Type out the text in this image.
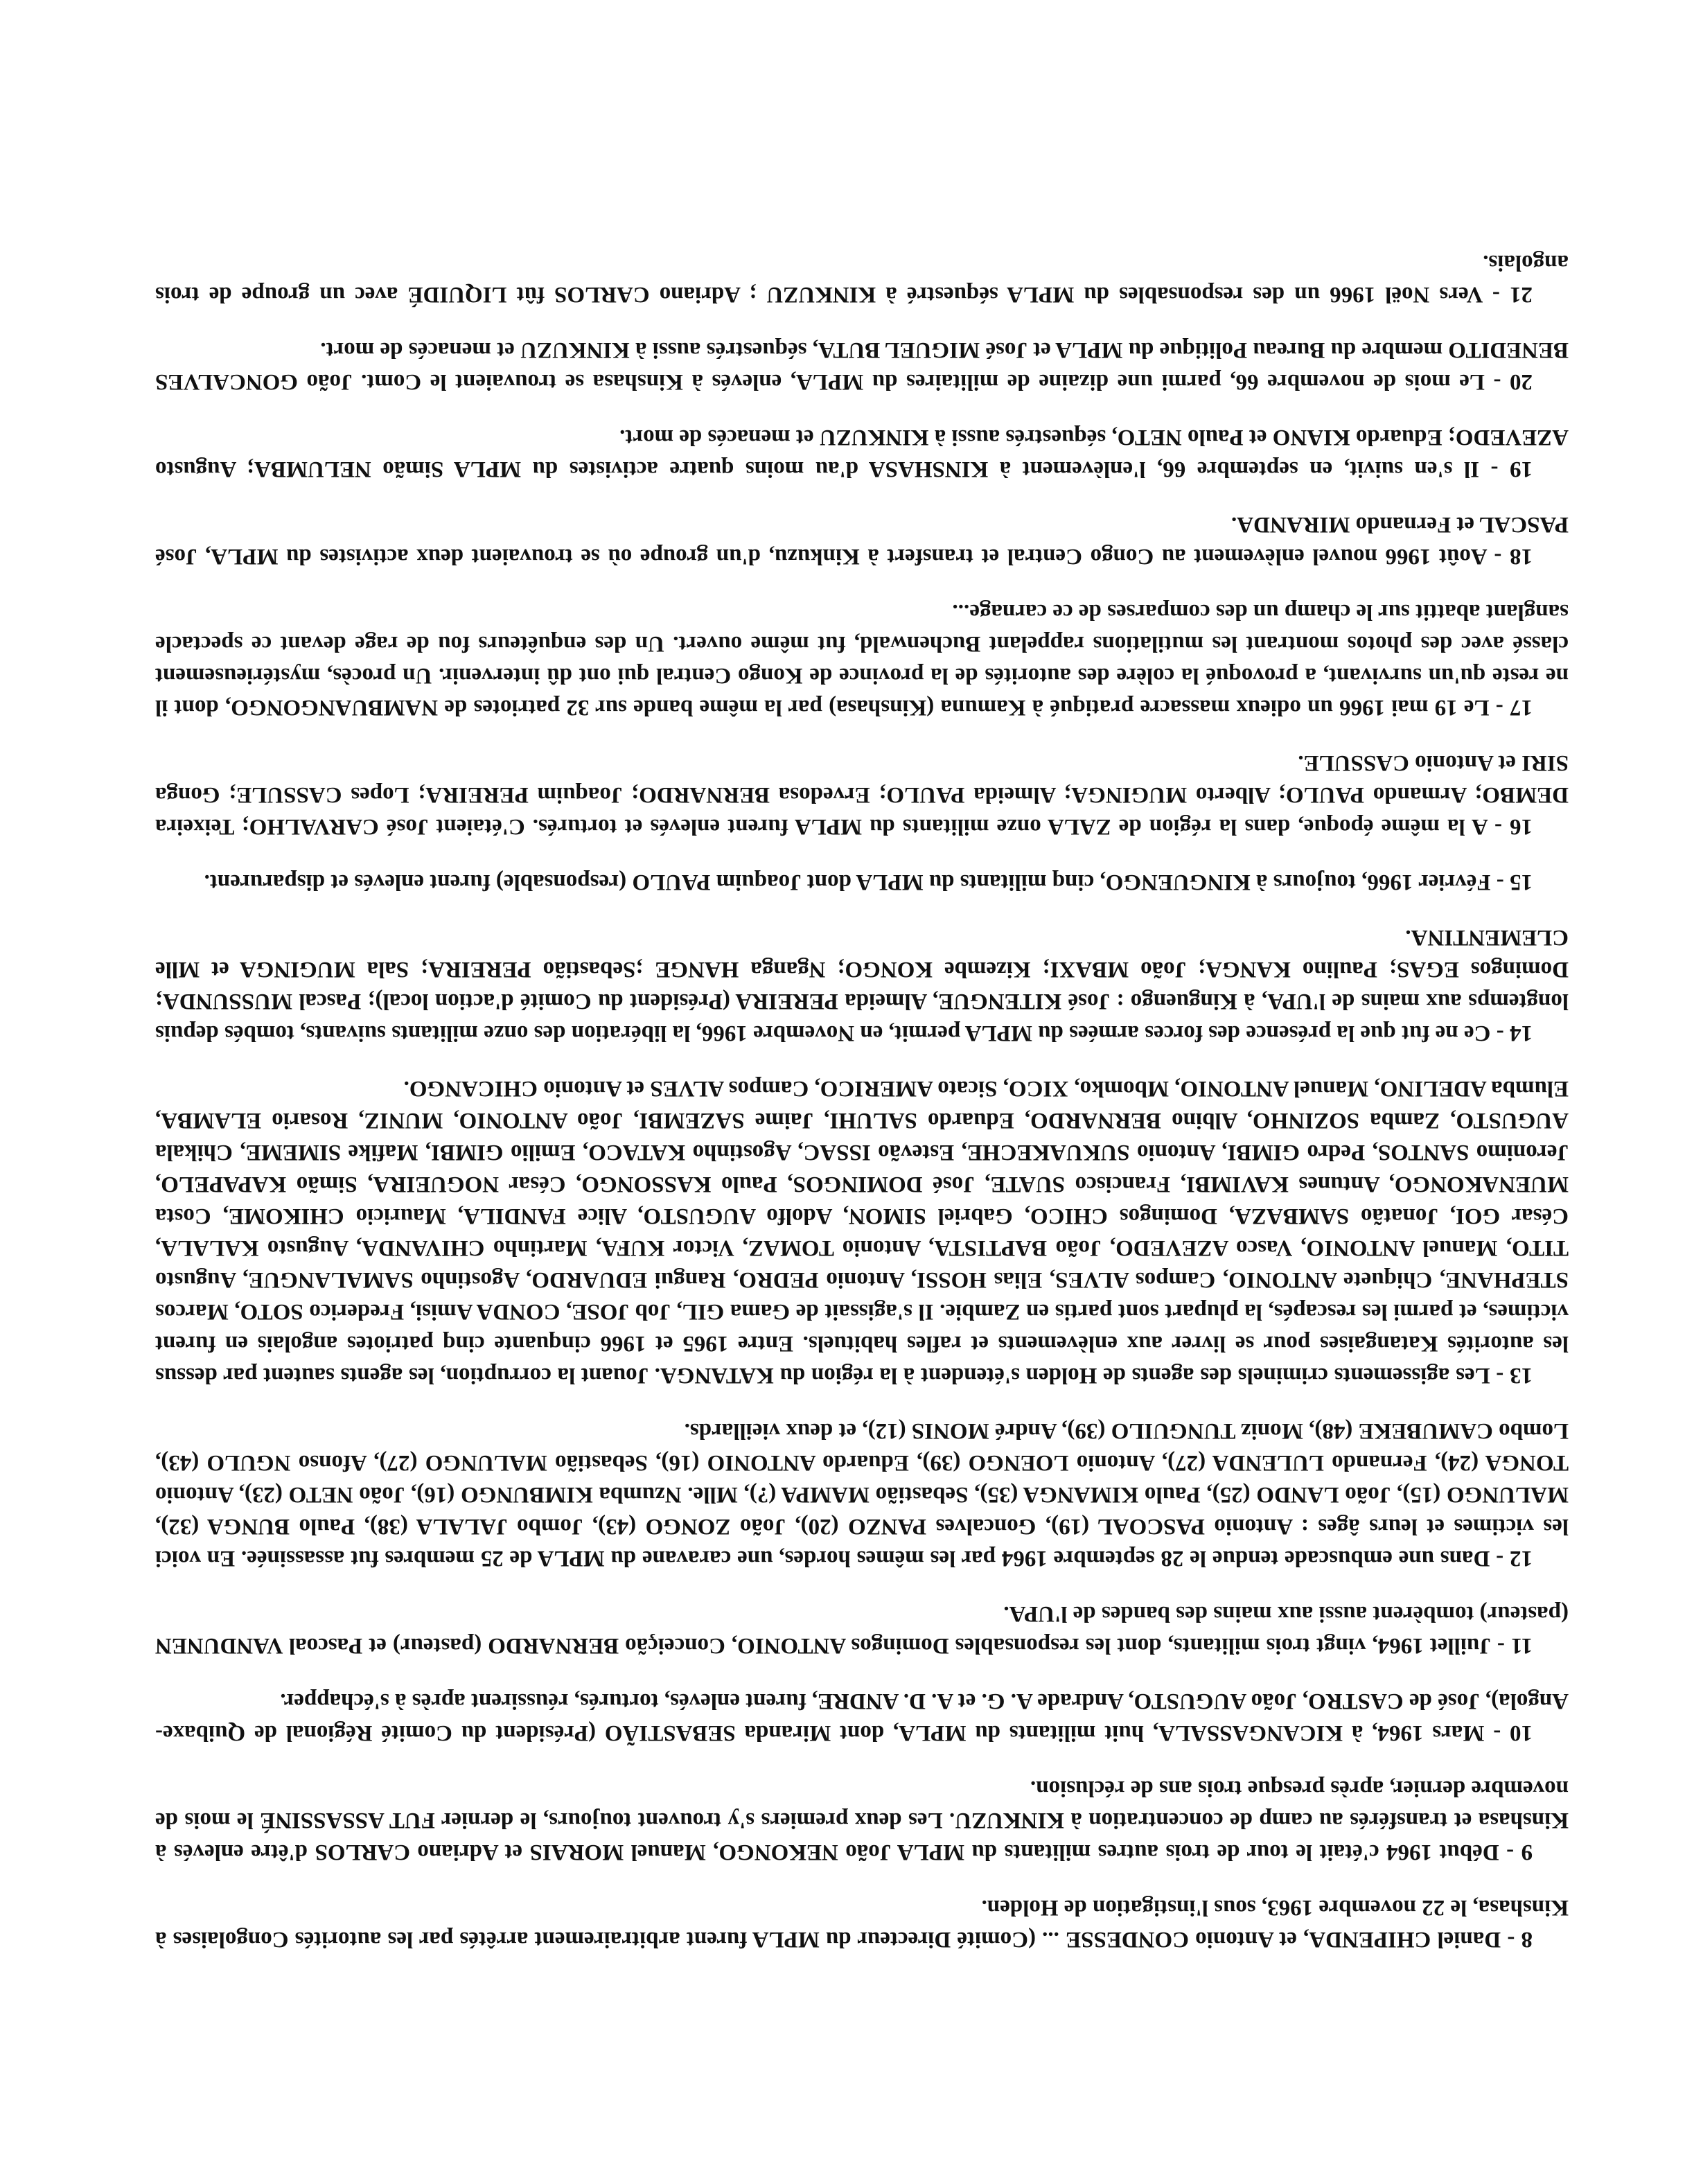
8 - Daniel CHIPENDA, et Antonio CONDESSE ... (Comité Directeur du MPLA furent arbitrairement arrêtés par les autorités Congolaises à Kinshasa, le 22 novembre 1963, sous l'instigation de Holden.

9 - Début 1964 c'était le tour de trois autres militants du MPLA João NEKONGO, Manuel MORAIS et Adriano CARLOS d'être enlevés à Kinshasa et transférés au camp de concentration à KINKUZU. Les deux premiers s'y trouvent toujours, le dernier FUT ASSASSINÉ le mois de novembre dernier, après presque trois ans de réclusion.

10 - Mars 1964, à KICANGASSALA, huit militants du MPLA, dont Miranda SEBASTIÃO (Président du Comité Régional de Quibaxe-Angola), José de CASTRO, João AUGUSTO, Andrade A. G. et A. D. ANDRE, furent enlevés, torturés, réussirent après à s'échapper.

11 - Juillet 1964, vingt trois militants, dont les responsables Domingos ANTONIO, Conceição BERNARDO (pasteur) et Pascoal VANDUNEN (pasteur) tombèrent aussi aux mains des bandes de l'UPA.

12 - Dans une embuscade tendue le 28 septembre 1964 par les mêmes hordes, une caravane du MPLA de 25 membres fut assassinée. En voici les victimes et leurs âges : Antonio PASCOAL (19), Goncalves PANZO (20), João ZONGO (43), Jombo JALALA (38), Paulo BUNGA (32), MALUNGO (15), João LANDO (25), Paulo KIMANGA (35), Sebastião MAMPA (?), Mlle. Nzumba KIMBUNGO (16), João NETO (23), Antonio TONGA (24), Fernando LULENDA (27), Antonio LOENGO (39), Eduardo ANTONIO (16), Sebastião MALUNGO (27), Afonso NGULO (43), Lombo CAMUBEKE (48), Moniz TUNGUILO (39), André MONIS (12), et deux vieillards.

13 - Les agissements criminels des agents de Holden s'étendent à la région du KATANGA. Jouant la corruption, les agents sautent par dessus les autorités Katangaises pour se livrer aux enlèvements et rafles habituels. Entre 1965 et 1966 cinquante cinq patriotes angolais en furent victimes, et parmi les rescapés, la plupart sont partis en Zambie. Il s'agissait de Gama GIL, Job JOSE, CONDA Amisi, Frederico SOTO, Marcos STEPHANE, Chiquete ANTONIO, Campos ALVES, Elias HOSSI, Antonio PEDRO, Rangui EDUARDO, Agostinho SAMALANGUE, Augusto TITO, Manuel ANTONIO, Vasco AZEVEDO, João BAPTISTA, Antonio TOMAZ, Victor KUFA, Martinho CHIVANDA, Augusto KALALA, César GOI, Jonatão SAMBAZA, Domingos CHICO, Gabriel SIMON, Adolfo AUGUSTO, Alice FANDILA, Mauricio CHIKOME, Costa MUENAKONGO, Antunes KAVIMBI, Francisco SUATE, José DOMINGOS, Paulo KASSONGO, César NOGUEIRA, Simão KAPAPELO, Jeronimo SANTOS, Pedro GIMBI, Antonio SUKUAKECHE, Estevão ISSAC, Agostinho KATACO, Emilio GIMBI, Mafike SIMEME, Chikala AUGUSTO, Zamba SOZINHO, Albino BERNARDO, Eduardo SALUHI, Jaime SAZEMBI, João ANTONIO, MUNIZ, Rosario ELAMBA, Elumba ADELINO, Manuel ANTONIO, Mbomko, XICO, Sicato AMERICO, Campos ALVES et Antonio CHICANGO.

14 - Ce ne fut que la présence des forces armées du MPLA permit, en Novembre 1966, la libération des onze militants suivants, tombés depuis longtemps aux mains de l'UPA, à Kinguengo : José KITENGUE, Almeida PEREIRA (Président du Comité d'action local); Pascal MUSSUNDA; Domingos EGAS; Paulino KANGA; João MBAXI; Kizembe KONGO; Nganga HANGE ;Sebastião PEREIRA; Sala MUGINGA et Mlle CLEMENTINA.

15 - Février 1966, toujours à KINGUENGO, cinq militants du MPLA dont Joaquim PAULO (responsable) furent enlevés et disparurent.

16 - A la même époque, dans la région de ZALA onze militants du MPLA furent enlevés et torturés. C'étaient José CARVALHO; Teixeira DEMBO; Armando PAULO; Alberto MUGINGA; Almeida PAULO; Ervedosa BERNARDO; Joaquim PEREIRA; Lopes CASSULE; Gonga SIRI et Antonio CASSULE.

17 - Le 19 mai 1966 un odieux massacre pratiqué à Kamuna (Kinshasa) par la même bande sur 32 patriotes de NAMBUANGONGO, dont il ne reste qu'un survivant, a provoqué la colère des autorités de la province de Kongo Central qui ont dû intervenir. Un procès, mystérieusement classé avec des photos montrant les mutilations rappelant Buchenwald, fut même ouvert. Un des enquêteurs fou de rage devant ce spectacle sanglant abattit sur le champ un des comparses de ce carnage...

18 - Août 1966 nouvel enlèvement au Congo Central et transfert à Kinkuzu, d'un groupe où se trouvaient deux activistes du MPLA, José PASCAL et Fernando MIRANDA.

19 - Il s'en suivit, en septembre 66, l'enlèvement à KINSHASA d'au moins quatre activistes du MPLA Simão NELUMBA; Augusto AZEVEDO; Eduardo KIANO et Paulo NETO, séquestrés aussi à KINKUZU et menacés de mort.

20 - Le mois de novembre 66, parmi une dizaine de militaires du MPLA, enlevés à Kinshasa se trouvaient le Comt. João GONCALVES BENEDITO membre du Bureau Politique du MPLA et José MIGUEL BUTA, séquestrés aussi à KINKUZU et menacés de mort.

21 - Vers Noël 1966 un des responsables du MPLA séquestré à KINKUZU ; Adriano CARLOS fût LIQUIDÉ avec un groupe de trois angolais.
